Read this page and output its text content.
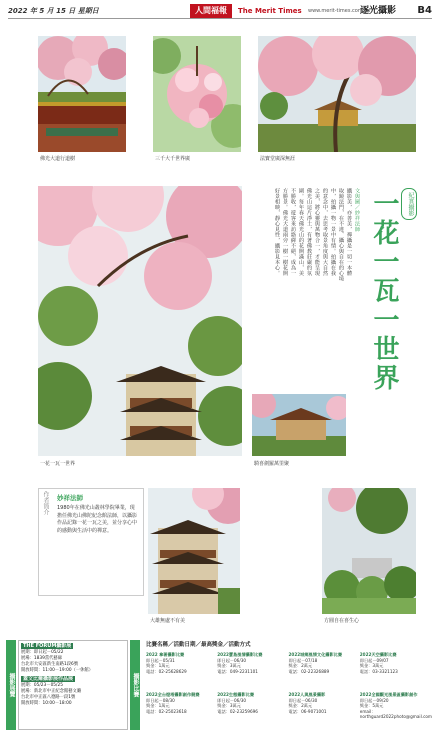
2022 年 5 月 15 日 星期日	人間福報	The Merit Times www.merit-times.com.tw
逐光攝影 B4
佛光大道行道樹	三千大千世界廣	法寶堂廣深無涯
一花一瓦一世界
紀實攝影
一花一瓦一世界
文與圖／妙祥法師
攝影美，亦善美，禪攝是一切一本體
取鏡法門，在不違、攝心與自在的心境
中，拍攝一物一景中有情。拍攝在我
的意念中，去思考取景角度與大自然
之美，將心靈與萬物合一，才能呈現
佛光山這片淨土，有著佛教莊嚴的氛
圍。每年春天佛光山的花開滿山，美
不勝收，遊客來訪絡繹不絕，成為一
方勝景。佛光大道兩旁一樹一樹花開
好景相映，靜心見性，攝影見本心。
騎喜劍羅萬里聚
作者簡介 妙祥法師
1980年在佛光山叢林學院畢業，現擔任佛光山佛陀紀念館法師，以攝影作品記錄一花一瓦之美，並分享心中的感動與生活中的禪意。
大雄無處不有美	方圓自在喜生心
攝影展覽
THE FORUM攝影展
展期：即日起－05/22
展場：1839當代藝廊
台北市大安區新生南路1段6號
開放時間：11:00－19:00（一休館）
蓋文比爾攝影展作品展
展期：05/23－05/25
展場：新北市中正紀念館藝文廳
台北市中正區八德路一段1號
開放時間：10:00－18:00
攝影比賽
比賽名稱／活動日期／最高獎金／活動方式
2022 拿著攝影比賽
即日起－05/31
獎金：1萬元
電話：02-25628629
2022寶島風情攝影比賽
即日起－06/30
獎金：3萬元
電話：049-2231101
2022城鄉風情文化攝影比賽
即日起－07/18
獎金：2萬元
電話：02-22326889
2022天空攝影比賽
即日起－09/07
獎金：3萬元
電話：03-3321123
2022全台燈塔攝影創作競賽
即日起－08/30
獎金：1萬元
電話：02-25023618
2022生態攝影比賽
即日起－06/30
獎金：3萬元
電話：02-23259696
2022人與風景攝影
即日起－06/30
獎金：2萬元
電話：06-9071001
2022全國觀光風景區攝影創作
即日起－09/20
獎金：5萬元
email：northguard2022photo@gmail.com
